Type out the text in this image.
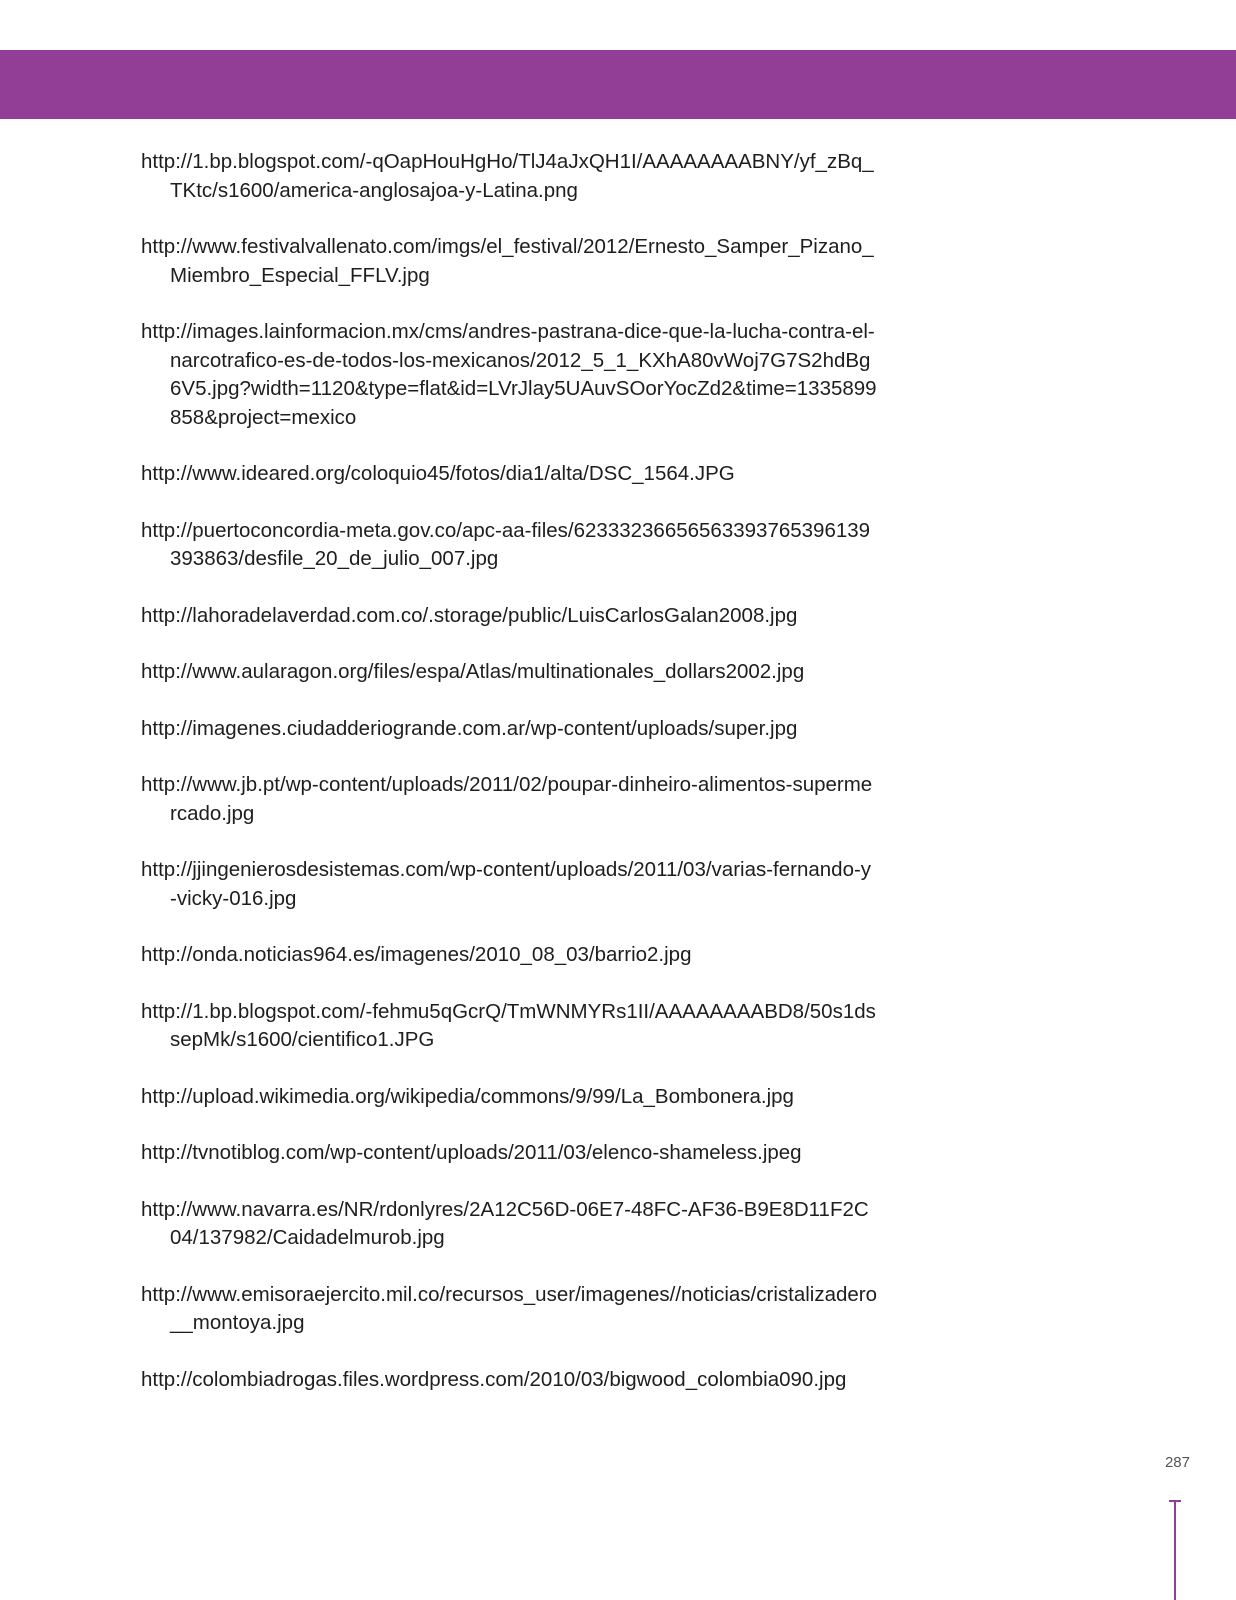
http://1.bp.blogspot.com/-qOapHouHgHo/TlJ4aJxQH1I/AAAAAAAABNY/yf_zBq_TKtc/s1600/america-anglosajoa-y-Latina.png
http://www.festivalvallenato.com/imgs/el_festival/2012/Ernesto_Samper_Pizano_Miembro_Especial_FFLV.jpg
http://images.lainformacion.mx/cms/andres-pastrana-dice-que-la-lucha-contra-el-narcotrafico-es-de-todos-los-mexicanos/2012_5_1_KXhA80vWoj7G7S2hdBg6V5.jpg?width=1120&type=flat&id=LVrJlay5UAuvSOorYocZd2&time=1335899858&project=mexico
http://www.ideared.org/coloquio45/fotos/dia1/alta/DSC_1564.JPG
http://puertoconcordia-meta.gov.co/apc-aa-files/62333236656563393765396139393863/desfile_20_de_julio_007.jpg
http://lahoradelaverdad.com.co/.storage/public/LuisCarlosGalan2008.jpg
http://www.aularagon.org/files/espa/Atlas/multinationales_dollars2002.jpg
http://imagenes.ciudadderiogrande.com.ar/wp-content/uploads/super.jpg
http://www.jb.pt/wp-content/uploads/2011/02/poupar-dinheiro-alimentos-supermercado.jpg
http://jjingenierosdesistemas.com/wp-content/uploads/2011/03/varias-fernando-y-vicky-016.jpg
http://onda.noticias964.es/imagenes/2010_08_03/barrio2.jpg
http://1.bp.blogspot.com/-fehmu5qGcrQ/TmWNMYRs1II/AAAAAAAABD8/50s1dssepMk/s1600/cientifico1.JPG
http://upload.wikimedia.org/wikipedia/commons/9/99/La_Bombonera.jpg
http://tvnotiblog.com/wp-content/uploads/2011/03/elenco-shameless.jpeg
http://www.navarra.es/NR/rdonlyres/2A12C56D-06E7-48FC-AF36-B9E8D11F2C04/137982/Caidadelmurob.jpg
http://www.emisoraejercito.mil.co/recursos_user/imagenes//noticias/cristalizadero__montoya.jpg
http://colombiadrogas.files.wordpress.com/2010/03/bigwood_colombia090.jpg
287
